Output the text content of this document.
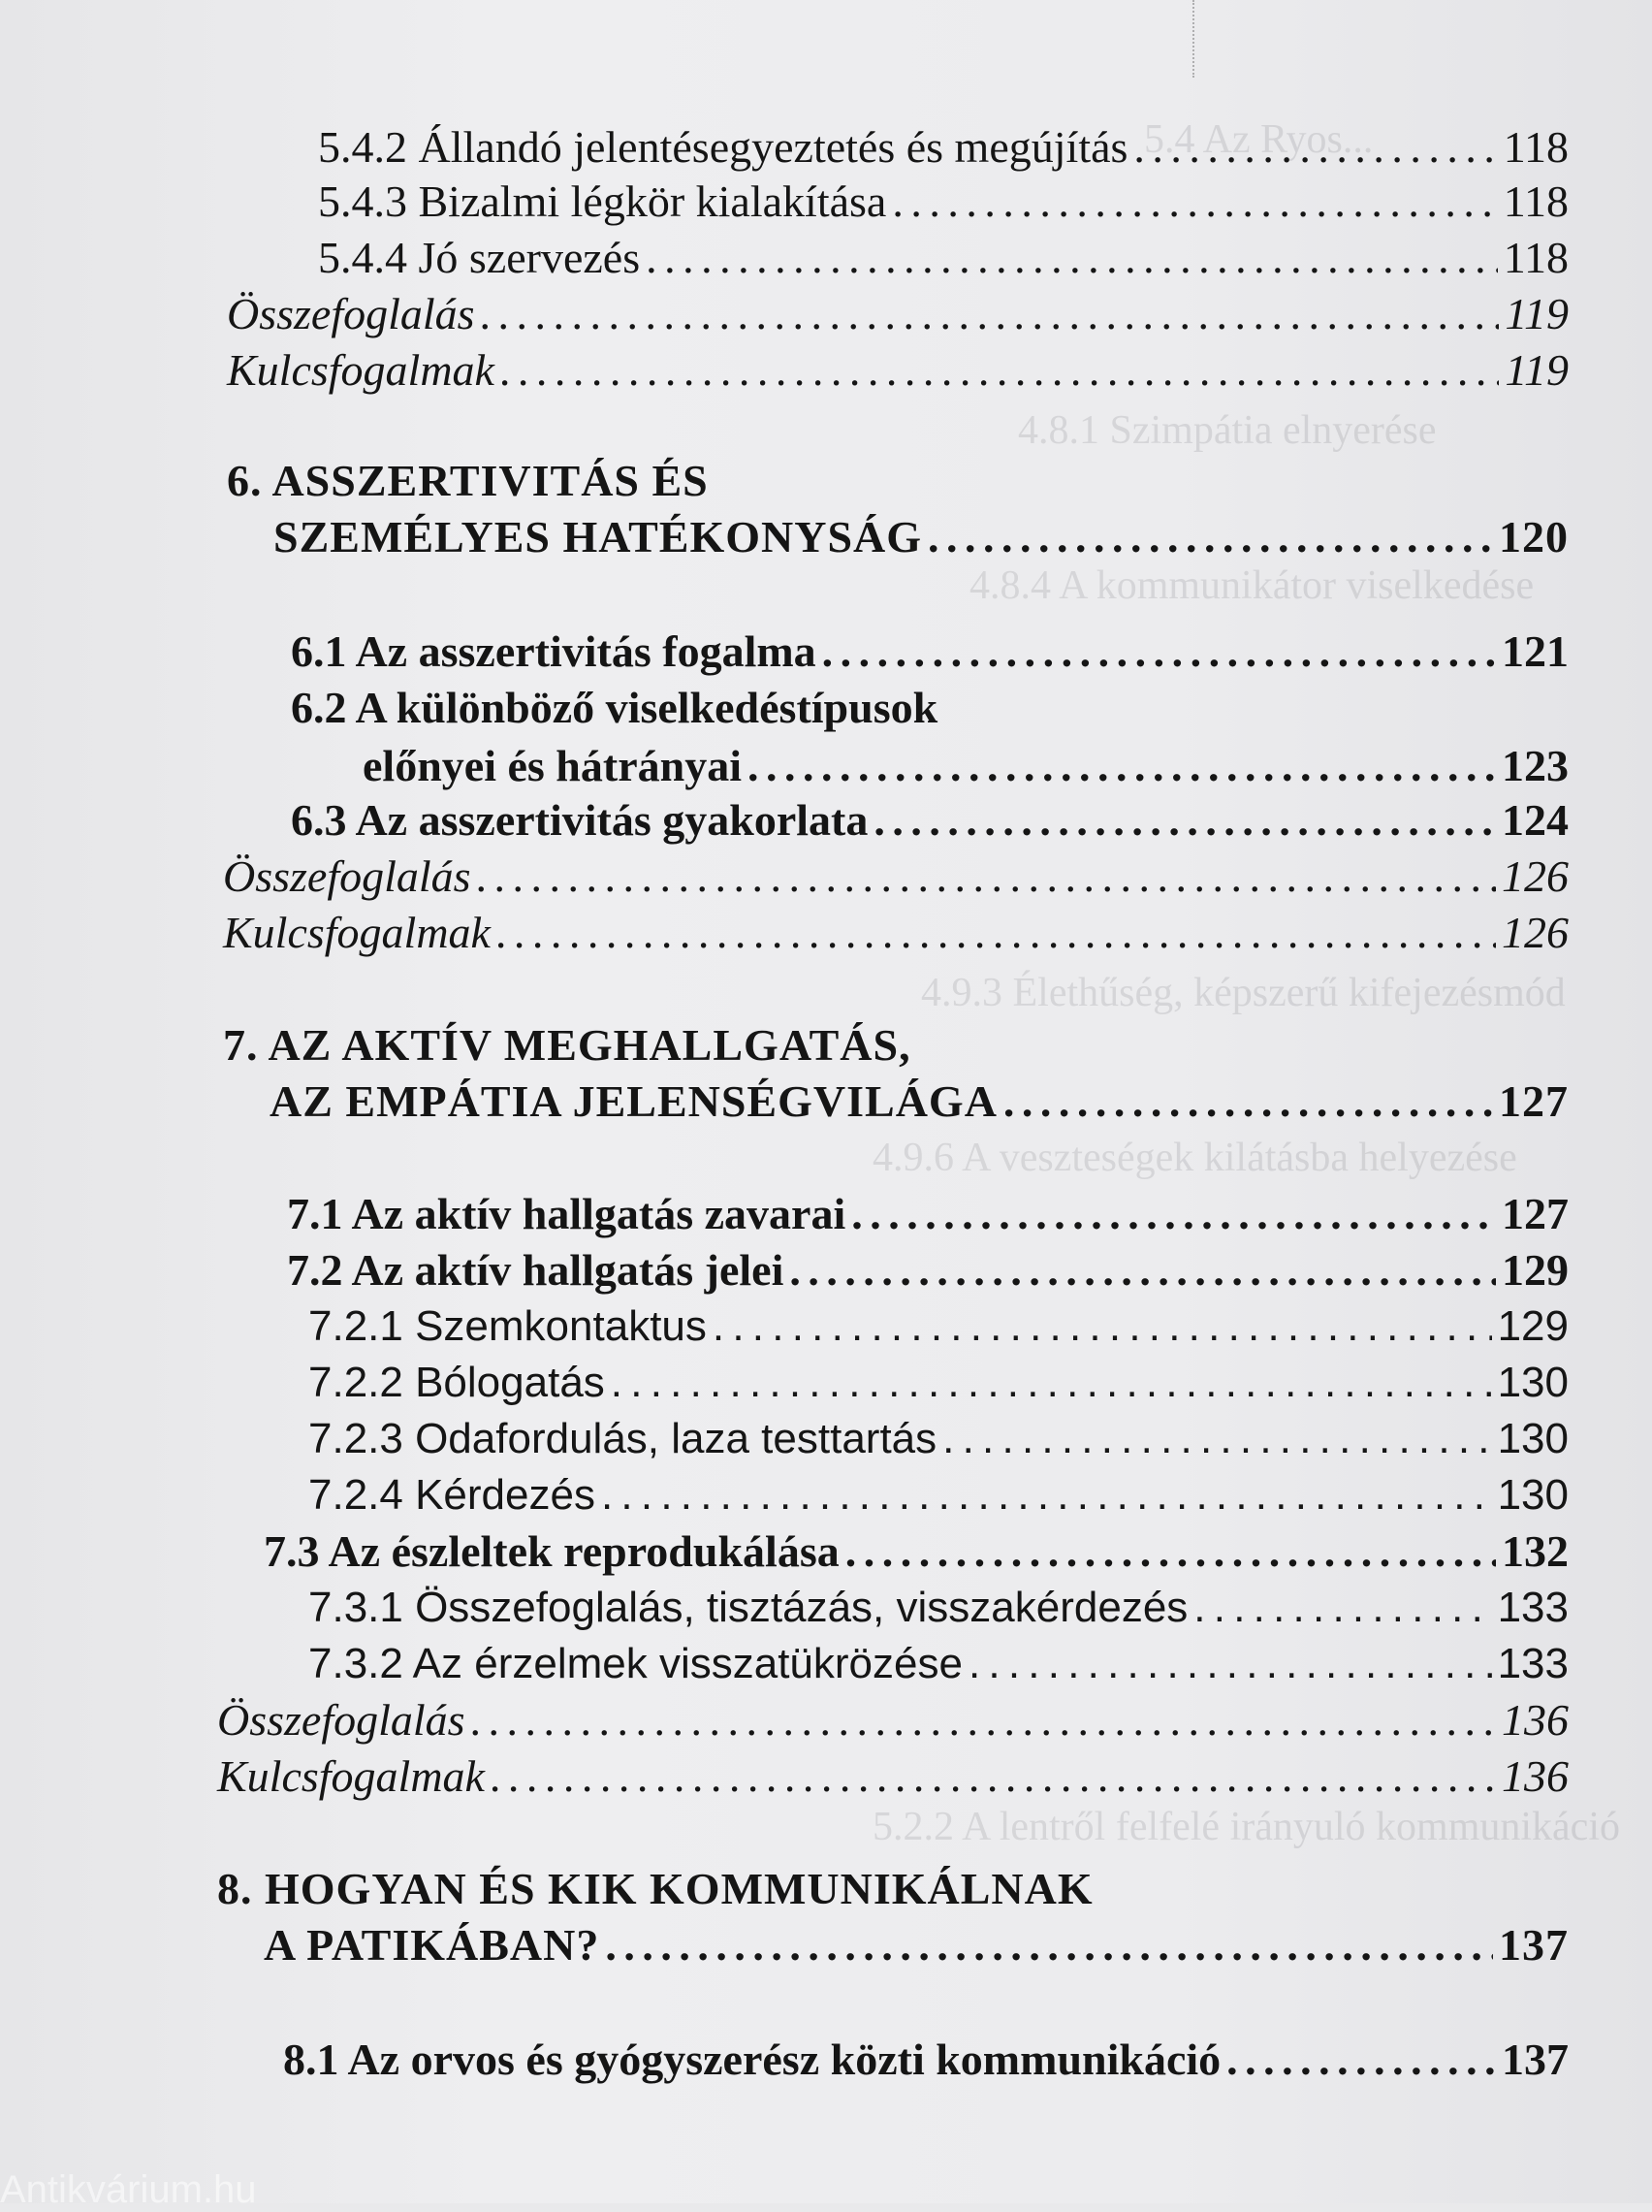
5.4 Az Ryos...
4.8.1 Szimpátia elnyerése
4.8.4 A kommunikátor viselkedése
4.9.3 Élethűség, képszerű kifejezésmód
4.9.6 A veszteségek kilátásba helyezése
5.2.2 A lentről felfelé irányuló kommunikáció
5.4.2 Állandó jelentésegyeztetés és megújítás . . .	118
5.4.3 Bizalmi légkör kialakítása . . .	118
5.4.4 Jó szervezés . . .	118
Összefoglalás . . .	119
Kulcsfogalmak . . .	119
6. ASSZERTIVITÁS ÉS
SZEMÉLYES HATÉKONYSÁG . . .	120
6.1 Az asszertivitás fogalma . . .	121
6.2 A különböző viselkedéstípusok
előnyei és hátrányai . . .	123
6.3 Az asszertivitás gyakorlata . . .	124
Összefoglalás . . .	126
Kulcsfogalmak . . .	126
7. AZ AKTÍV MEGHALLGATÁS,
AZ EMPÁTIA JELENSÉGVILÁGA . . .	127
7.1 Az aktív hallgatás zavarai . . .	127
7.2 Az aktív hallgatás jelei . . .	129
7.2.1 Szemkontaktus . . .	129
7.2.2 Bólogatás . . .	130
7.2.3 Odafordulás, laza testtartás . . .	130
7.2.4 Kérdezés . . .	130
7.3 Az észleltek reprodukálása . . .	132
7.3.1 Összefoglalás, tisztázás, visszakérdezés . . .	133
7.3.2 Az érzelmek visszatükrözése . . .	133
Összefoglalás . . .	136
Kulcsfogalmak . . .	136
8. HOGYAN ÉS KIK KOMMUNIKÁLNAK
A PATIKÁBAN? . . .	137
8.1 Az orvos és gyógyszerész közti kommunikáció . . .	137
Antikvárium.hu
